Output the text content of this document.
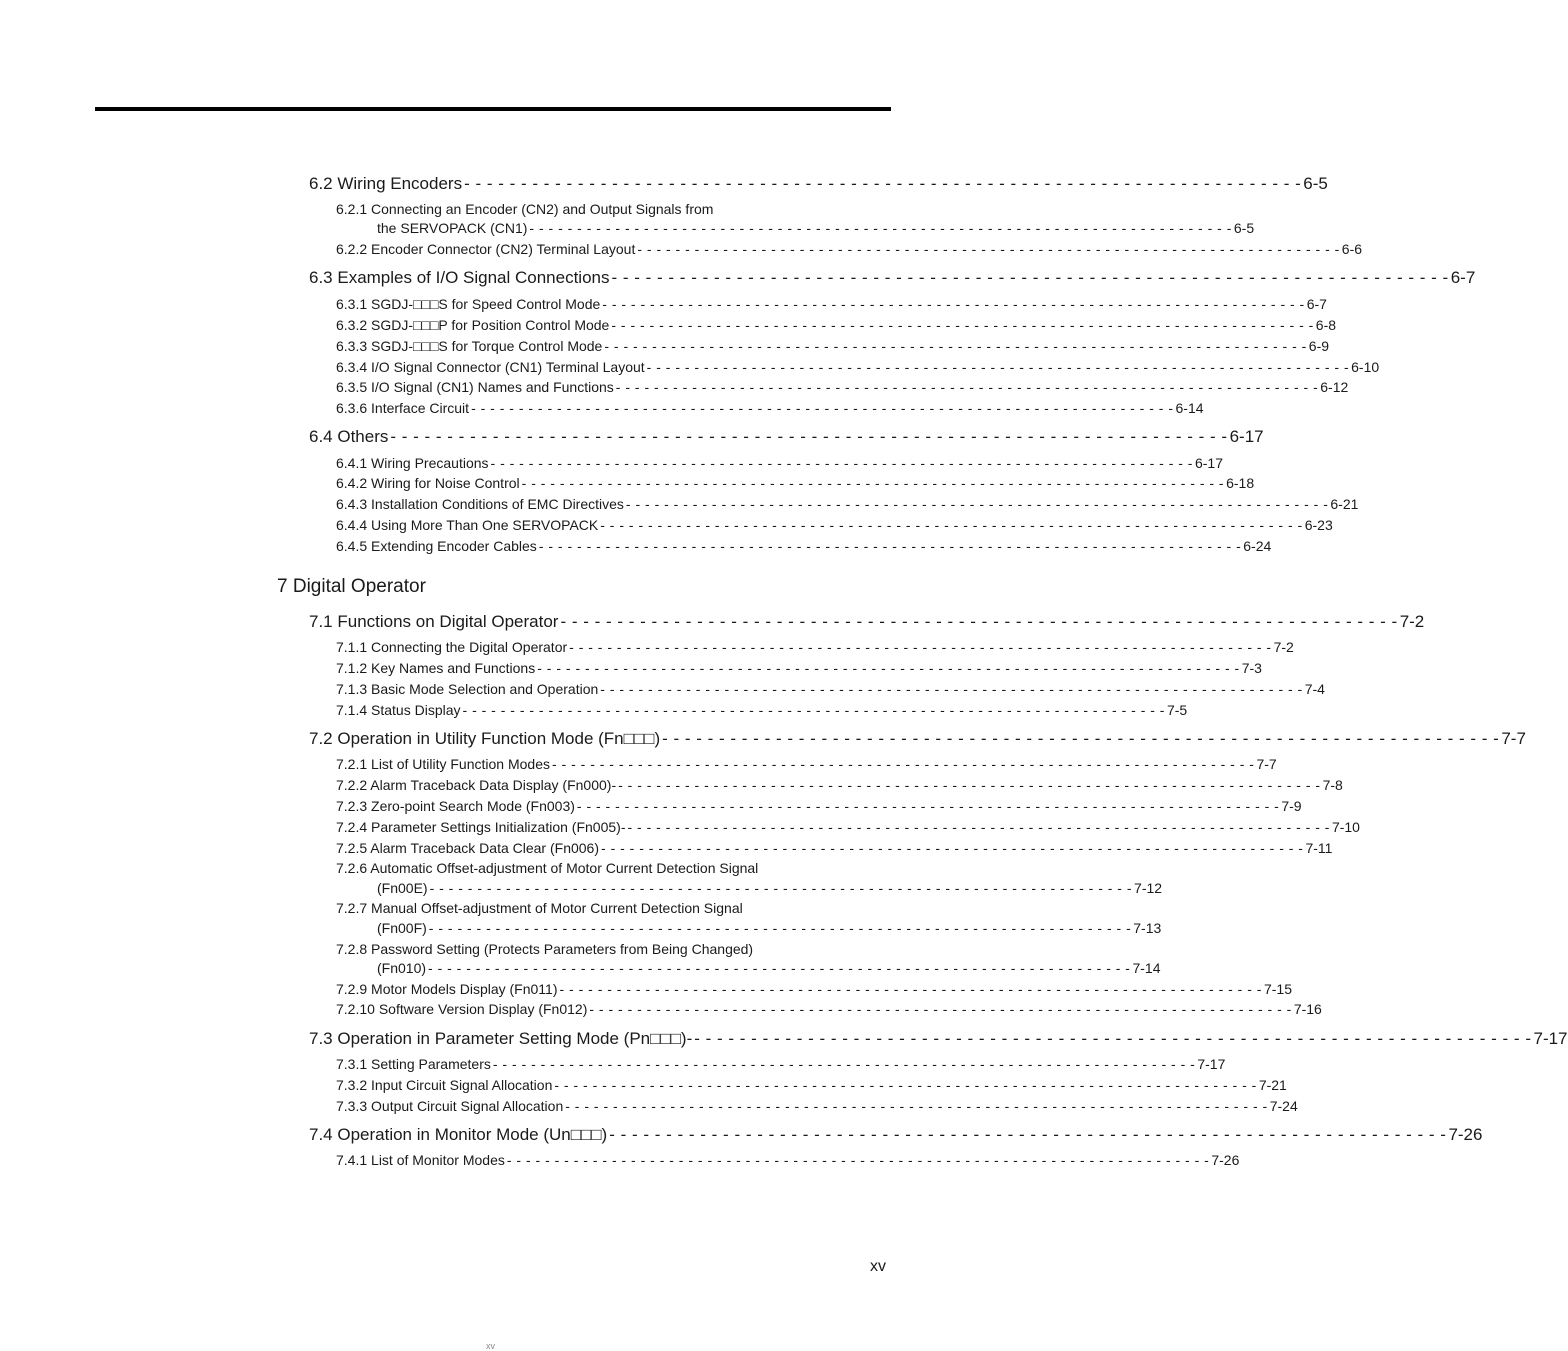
6.2 Wiring Encoders - - - - - - - - - - - - - - - - - - - - - - - - - - - - - - - - - - - - - - - - - - - - - - - - - - - - - - - - - - - - - - - - - - - - - - - - - - 6-5
6.2.1 Connecting an Encoder (CN2) and Output Signals from
the SERVOPACK (CN1) - - - - - - - - - - - - - - - - - - - - - - - - - - - - - - - - - - - - - - - - - - - - - - - - - - - - - - - - - - - - - - - - - - - - - - - - - - 6-5
6.2.2 Encoder Connector (CN2) Terminal Layout - - - - - - - - - - - - - - - - - - - - - - - - - - - - - - - - - - - - - - - - - - - - - - - - - - - - - - - - - - - - - - - - - - - - - - - - - - 6-6
6.3 Examples of I/O Signal Connections - - - - - - - - - - - - - - - - - - - - - - - - - - - - - - - - - - - - - - - - - - - - - - - - - - - - - - - - - - - - - - - - - - - - - - - - - - 6-7
6.3.1 SGDJ-□□□S for Speed Control Mode - - - - - - - - - - - - - - - - - - - - - - - - - - - - - - - - - - - - - - - - - - - - - - - - - - - - - - - - - - - - - - - - - - - - - - - - - - 6-7
6.3.2 SGDJ-□□□P for Position Control Mode - - - - - - - - - - - - - - - - - - - - - - - - - - - - - - - - - - - - - - - - - - - - - - - - - - - - - - - - - - - - - - - - - - - - - - - - - - 6-8
6.3.3 SGDJ-□□□S for Torque Control Mode - - - - - - - - - - - - - - - - - - - - - - - - - - - - - - - - - - - - - - - - - - - - - - - - - - - - - - - - - - - - - - - - - - - - - - - - - - 6-9
6.3.4 I/O Signal Connector (CN1) Terminal Layout - - - - - - - - - - - - - - - - - - - - - - - - - - - - - - - - - - - - - - - - - - - - - - - - - - - - - - - - - - - - - - - - - - - - - - - - - - 6-10
6.3.5 I/O Signal (CN1) Names and Functions - - - - - - - - - - - - - - - - - - - - - - - - - - - - - - - - - - - - - - - - - - - - - - - - - - - - - - - - - - - - - - - - - - - - - - - - - - 6-12
6.3.6 Interface Circuit - - - - - - - - - - - - - - - - - - - - - - - - - - - - - - - - - - - - - - - - - - - - - - - - - - - - - - - - - - - - - - - - - - - - - - - - - - 6-14
6.4 Others - - - - - - - - - - - - - - - - - - - - - - - - - - - - - - - - - - - - - - - - - - - - - - - - - - - - - - - - - - - - - - - - - - - - - - - - - - 6-17
6.4.1 Wiring Precautions - - - - - - - - - - - - - - - - - - - - - - - - - - - - - - - - - - - - - - - - - - - - - - - - - - - - - - - - - - - - - - - - - - - - - - - - - - 6-17
6.4.2 Wiring for Noise Control - - - - - - - - - - - - - - - - - - - - - - - - - - - - - - - - - - - - - - - - - - - - - - - - - - - - - - - - - - - - - - - - - - - - - - - - - - 6-18
6.4.3 Installation Conditions of EMC Directives - - - - - - - - - - - - - - - - - - - - - - - - - - - - - - - - - - - - - - - - - - - - - - - - - - - - - - - - - - - - - - - - - - - - - - - - - - 6-21
6.4.4 Using More Than One SERVOPACK - - - - - - - - - - - - - - - - - - - - - - - - - - - - - - - - - - - - - - - - - - - - - - - - - - - - - - - - - - - - - - - - - - - - - - - - - - 6-23
6.4.5 Extending Encoder Cables - - - - - - - - - - - - - - - - - - - - - - - - - - - - - - - - - - - - - - - - - - - - - - - - - - - - - - - - - - - - - - - - - - - - - - - - - - 6-24
7 Digital Operator
7.1 Functions on Digital Operator - - - - - - - - - - - - - - - - - - - - - - - - - - - - - - - - - - - - - - - - - - - - - - - - - - - - - - - - - - - - - - - - - - - - - - - - - - 7-2
7.1.1 Connecting the Digital Operator - - - - - - - - - - - - - - - - - - - - - - - - - - - - - - - - - - - - - - - - - - - - - - - - - - - - - - - - - - - - - - - - - - - - - - - - - - 7-2
7.1.2 Key Names and Functions - - - - - - - - - - - - - - - - - - - - - - - - - - - - - - - - - - - - - - - - - - - - - - - - - - - - - - - - - - - - - - - - - - - - - - - - - - 7-3
7.1.3 Basic Mode Selection and Operation - - - - - - - - - - - - - - - - - - - - - - - - - - - - - - - - - - - - - - - - - - - - - - - - - - - - - - - - - - - - - - - - - - - - - - - - - - 7-4
7.1.4 Status Display - - - - - - - - - - - - - - - - - - - - - - - - - - - - - - - - - - - - - - - - - - - - - - - - - - - - - - - - - - - - - - - - - - - - - - - - - - 7-5
7.2 Operation in Utility Function Mode (Fn□□□) - - - - - - - - - - - - - - - - - - - - - - - - - - - - - - - - - - - - - - - - - - - - - - - - - - - - - - - - - - - - - - - - - - - - - - - - - - 7-7
7.2.1 List of Utility Function Modes - - - - - - - - - - - - - - - - - - - - - - - - - - - - - - - - - - - - - - - - - - - - - - - - - - - - - - - - - - - - - - - - - - - - - - - - - - 7-7
7.2.2 Alarm Traceback Data Display (Fn000)- - - - - - - - - - - - - - - - - - - - - - - - - - - - - - - - - - - - - - - - - - - - - - - - - - - - - - - - - - - - - - - - - - - - - - - - - - - 7-8
7.2.3 Zero-point Search Mode (Fn003) - - - - - - - - - - - - - - - - - - - - - - - - - - - - - - - - - - - - - - - - - - - - - - - - - - - - - - - - - - - - - - - - - - - - - - - - - - 7-9
7.2.4 Parameter Settings Initialization (Fn005)- - - - - - - - - - - - - - - - - - - - - - - - - - - - - - - - - - - - - - - - - - - - - - - - - - - - - - - - - - - - - - - - - - - - - - - - - - - 7-10
7.2.5 Alarm Traceback Data Clear (Fn006) - - - - - - - - - - - - - - - - - - - - - - - - - - - - - - - - - - - - - - - - - - - - - - - - - - - - - - - - - - - - - - - - - - - - - - - - - - 7-11
7.2.6 Automatic Offset-adjustment of Motor Current Detection Signal
(Fn00E) - - - - - - - - - - - - - - - - - - - - - - - - - - - - - - - - - - - - - - - - - - - - - - - - - - - - - - - - - - - - - - - - - - - - - - - - - - 7-12
7.2.7 Manual Offset-adjustment of Motor Current Detection Signal
(Fn00F) - - - - - - - - - - - - - - - - - - - - - - - - - - - - - - - - - - - - - - - - - - - - - - - - - - - - - - - - - - - - - - - - - - - - - - - - - - 7-13
7.2.8 Password Setting (Protects Parameters from Being Changed)
(Fn010) - - - - - - - - - - - - - - - - - - - - - - - - - - - - - - - - - - - - - - - - - - - - - - - - - - - - - - - - - - - - - - - - - - - - - - - - - - 7-14
7.2.9 Motor Models Display (Fn011) - - - - - - - - - - - - - - - - - - - - - - - - - - - - - - - - - - - - - - - - - - - - - - - - - - - - - - - - - - - - - - - - - - - - - - - - - - 7-15
7.2.10 Software Version Display (Fn012) - - - - - - - - - - - - - - - - - - - - - - - - - - - - - - - - - - - - - - - - - - - - - - - - - - - - - - - - - - - - - - - - - - - - - - - - - - 7-16
7.3 Operation in Parameter Setting Mode (Pn□□□)- - - - - - - - - - - - - - - - - - - - - - - - - - - - - - - - - - - - - - - - - - - - - - - - - - - - - - - - - - - - - - - - - - - - - - - - - - - 7-17
7.3.1 Setting Parameters - - - - - - - - - - - - - - - - - - - - - - - - - - - - - - - - - - - - - - - - - - - - - - - - - - - - - - - - - - - - - - - - - - - - - - - - - - 7-17
7.3.2 Input Circuit Signal Allocation - - - - - - - - - - - - - - - - - - - - - - - - - - - - - - - - - - - - - - - - - - - - - - - - - - - - - - - - - - - - - - - - - - - - - - - - - - 7-21
7.3.3 Output Circuit Signal Allocation - - - - - - - - - - - - - - - - - - - - - - - - - - - - - - - - - - - - - - - - - - - - - - - - - - - - - - - - - - - - - - - - - - - - - - - - - - 7-24
7.4 Operation in Monitor Mode (Un□□□) - - - - - - - - - - - - - - - - - - - - - - - - - - - - - - - - - - - - - - - - - - - - - - - - - - - - - - - - - - - - - - - - - - - - - - - - - - 7-26
7.4.1 List of Monitor Modes - - - - - - - - - - - - - - - - - - - - - - - - - - - - - - - - - - - - - - - - - - - - - - - - - - - - - - - - - - - - - - - - - - - - - - - - - - 7-26
xv
xv
